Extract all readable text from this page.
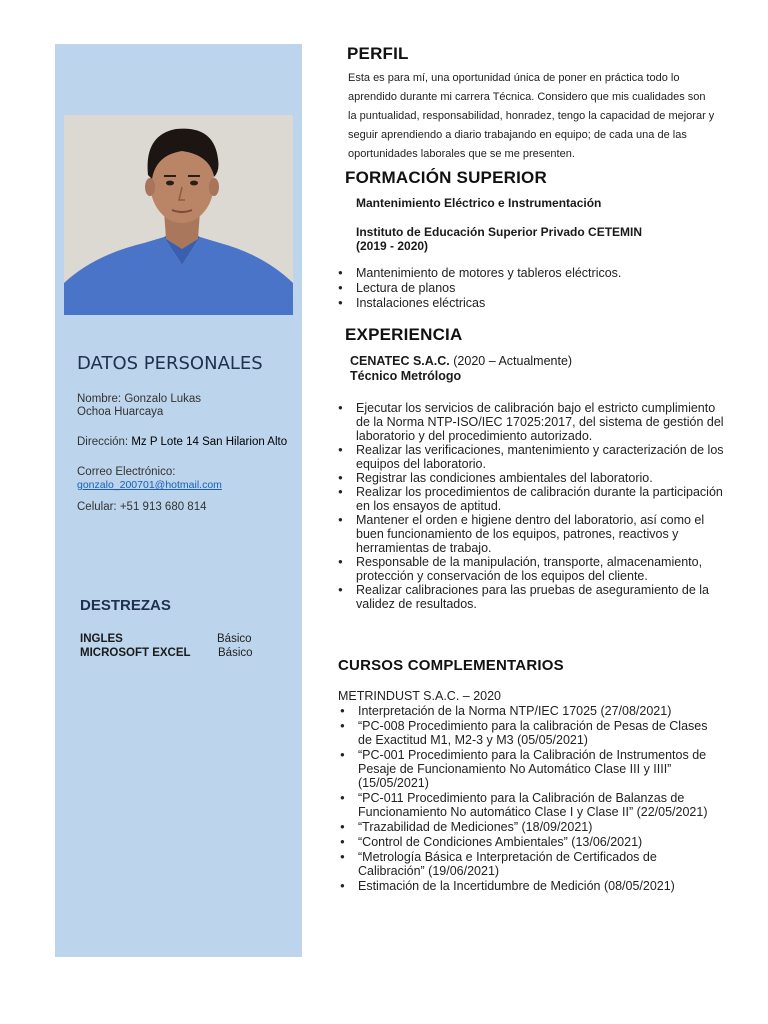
DATOS PERSONALES
Nombre: Gonzalo Lukas
Ochoa Huarcaya
Dirección: Mz P Lote 14 San Hilarion Alto
Correo Electrónico:
gonzalo_200701@hotmail.com
Celular: +51 913 680 814
DESTREZAS
INGLES	Básico
MICROSOFT EXCEL	Básico
PERFIL
Esta es para mí, una oportunidad única de poner en práctica todo lo aprendido durante mi carrera Técnica. Considero que mis cualidades son la puntualidad, responsabilidad, honradez, tengo la capacidad de mejorar y seguir aprendiendo a diario trabajando en equipo; de cada una de las oportunidades laborales que se me presenten.
FORMACIÓN SUPERIOR
Mantenimiento Eléctrico e Instrumentación
Instituto de Educación Superior Privado CETEMIN
(2019 - 2020)
● Mantenimiento de motores y tableros eléctricos.
● Lectura de planos
● Instalaciones eléctricas
EXPERIENCIA
CENATEC S.A.C. (2020 – Actualmente)
Técnico Metrólogo
● Ejecutar los servicios de calibración bajo el estricto cumplimiento de la Norma NTP-ISO/IEC 17025:2017, del sistema de gestión del laboratorio y del procedimiento autorizado.
● Realizar las verificaciones, mantenimiento y caracterización de los equipos del laboratorio.
● Registrar las condiciones ambientales del laboratorio.
● Realizar los procedimientos de calibración durante la participación en los ensayos de aptitud.
● Mantener el orden e higiene dentro del laboratorio, así como el buen funcionamiento de los equipos, patrones, reactivos y herramientas de trabajo.
● Responsable de la manipulación, transporte, almacenamiento, protección y conservación de los equipos del cliente.
● Realizar calibraciones para las pruebas de aseguramiento de la validez de resultados.
CURSOS COMPLEMENTARIOS
METRINDUST S.A.C. – 2020
● Interpretación de la Norma NTP/IEC 17025 (27/08/2021)
● “PC-008 Procedimiento para la calibración de Pesas de Clases de Exactitud M1, M2-3 y M3 (05/05/2021)
● “PC-001 Procedimiento para la Calibración de Instrumentos de Pesaje de Funcionamiento No Automático Clase III y IIII” (15/05/2021)
● “PC-011 Procedimiento para la Calibración de Balanzas de Funcionamiento No automático Clase I y Clase II” (22/05/2021)
● “Trazabilidad de Mediciones” (18/09/2021)
● “Control de Condiciones Ambientales” (13/06/2021)
● “Metrología Básica e Interpretación de Certificados de Calibración” (19/06/2021)
● Estimación de la Incertidumbre de Medición (08/05/2021)
